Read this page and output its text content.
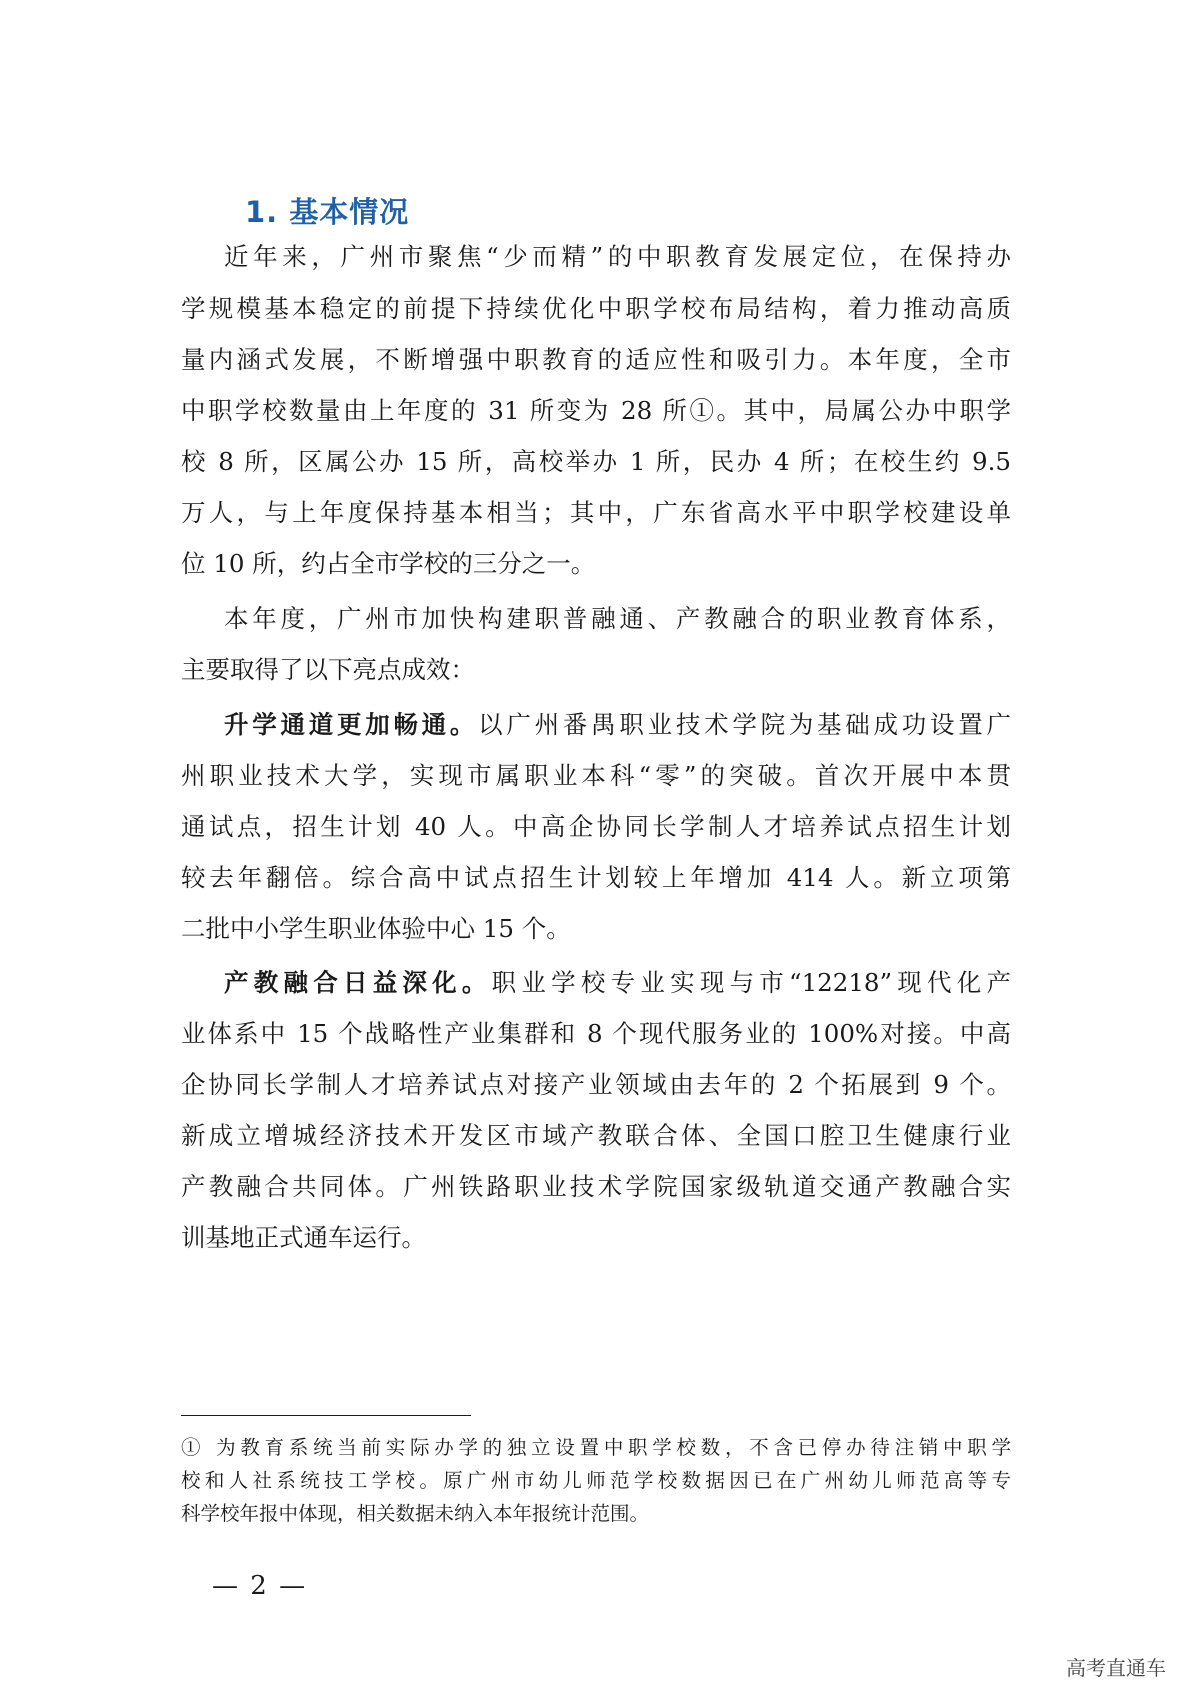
1. 基本情况
近年来，广州市聚焦“少而精”的中职教育发展定位，在保持办
学规模基本稳定的前提下持续优化中职学校布局结构，着力推动高质
量内涵式发展，不断增强中职教育的适应性和吸引力。本年度，全市
中职学校数量由上年度的 31 所变为 28 所①。其中，局属公办中职学
校 8 所，区属公办 15 所，高校举办 1 所，民办 4 所；在校生约 9.5
万人，与上年度保持基本相当；其中，广东省高水平中职学校建设单
位 10 所，约占全市学校的三分之一。
本年度，广州市加快构建职普融通、产教融合的职业教育体系，
主要取得了以下亮点成效：
升学通道更加畅通。以广州番禺职业技术学院为基础成功设置广
州职业技术大学，实现市属职业本科“零”的突破。首次开展中本贯
通试点，招生计划 40 人。中高企协同长学制人才培养试点招生计划
较去年翻倍。综合高中试点招生计划较上年增加 414 人。新立项第
二批中小学生职业体验中心 15 个。
产教融合日益深化。职业学校专业实现与市“12218”现代化产
业体系中 15 个战略性产业集群和 8 个现代服务业的 100%对接。中高
企协同长学制人才培养试点对接产业领域由去年的 2 个拓展到 9 个。
新成立增城经济技术开发区市域产教联合体、全国口腔卫生健康行业
产教融合共同体。广州铁路职业技术学院国家级轨道交通产教融合实
训基地正式通车运行。
① 为教育系统当前实际办学的独立设置中职学校数，不含已停办待注销中职学
校和人社系统技工学校。原广州市幼儿师范学校数据因已在广州幼儿师范高等专
科学校年报中体现，相关数据未纳入本年报统计范围。
— 2 —
高考直通车
